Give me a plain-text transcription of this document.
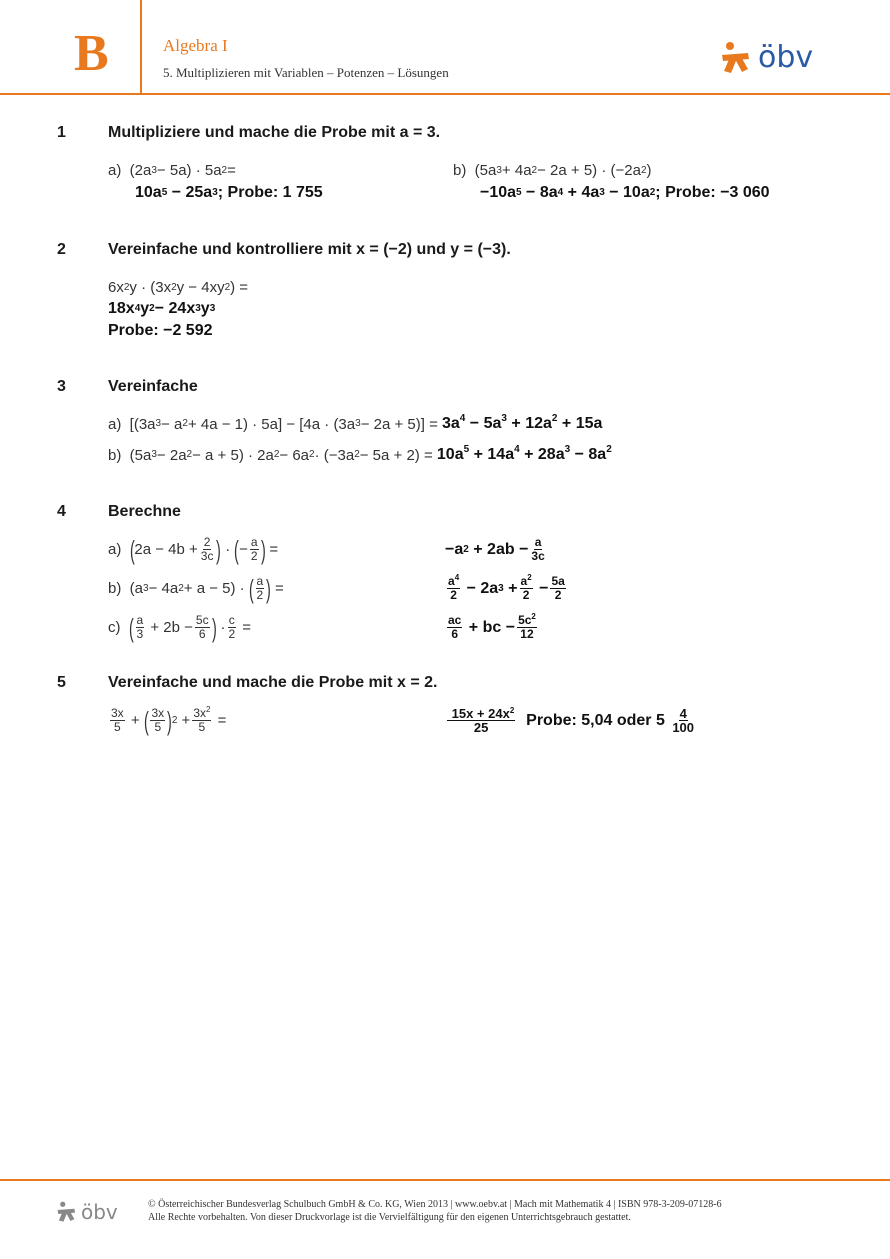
B	Algebra I
5. Multiplizieren mit Variablen – Potenzen – Lösungen	öbv
1	Multipliziere und mache die Probe mit a = 3.
a) (2a 3 − 5a) · 5a 2 =
10a 5 − 25a 3 ; Probe: 1 755
b) (5a 3 + 4a 2 − 2a + 5) · (−2a 2 )
−10a 5 − 8a 4 + 4a 3 − 10a 2 ; Probe: −3 060
2	Vereinfache und kontrolliere mit x = (−2) und y = (−3).
6x 2 y · (3x 2 y − 4xy 2 ) =
18x 4 y 2 − 24x 3 y 3
Probe: −2 592
3	Vereinfache
a) [(3a 3 − a 2 + 4a − 1) · 5a] − [4a · (3a $3 - 2a + 5)] = 3a^4 - 5a^3 + 12a^2 + 15a$
b) (5a 3 − 2a 2 − a + 5) · 2a 2 − 6a 2 · (−3a $2 - 5a + 2) = 10a^5 + 14a^4 + 28a^3 - 8a^2$
4	Berechne
a)
( $2a - 4b + \frac{2}{3c}$ ) · ( − $\frac{a}{2}$ ) =	−a $2 + 2ab - \frac{a}{3c}$
b) (a 3 − 4a 2 + a − 5) · ( $\frac{a}{2}$ ) =	$\frac{a^4}{2} - 2a$ $3 + \frac{a^2}{2} - \frac{5a}{2}$
c)
( $\frac{a}{3} + 2b - \frac{5c}{6}$ ) · $\frac{c}{2}$ =	$\frac{ac}{6}$ + bc − $\frac{5c^2}{12}$
5	Vereinfache und mache die Probe mit x = 2.
$\frac{3x}{5}$ + ( $\frac{3x}{5}$ ) $2 + \frac{3x^2}{5}$ =	$\frac{15x + 24x^2}{25}$
Probe: 5,04 oder 5
$\frac{4}{100}$
öbv	© Österreichischer Bundesverlag Schulbuch GmbH & Co. KG, Wien 2013 | www.oebv.at | Mach mit Mathematik 4 | ISBN 978-3-209-07128-6
Alle Rechte vorbehalten. Von dieser Druckvorlage ist die Vervielfältigung für den eigenen Unterrichtsgebrauch gestattet.
